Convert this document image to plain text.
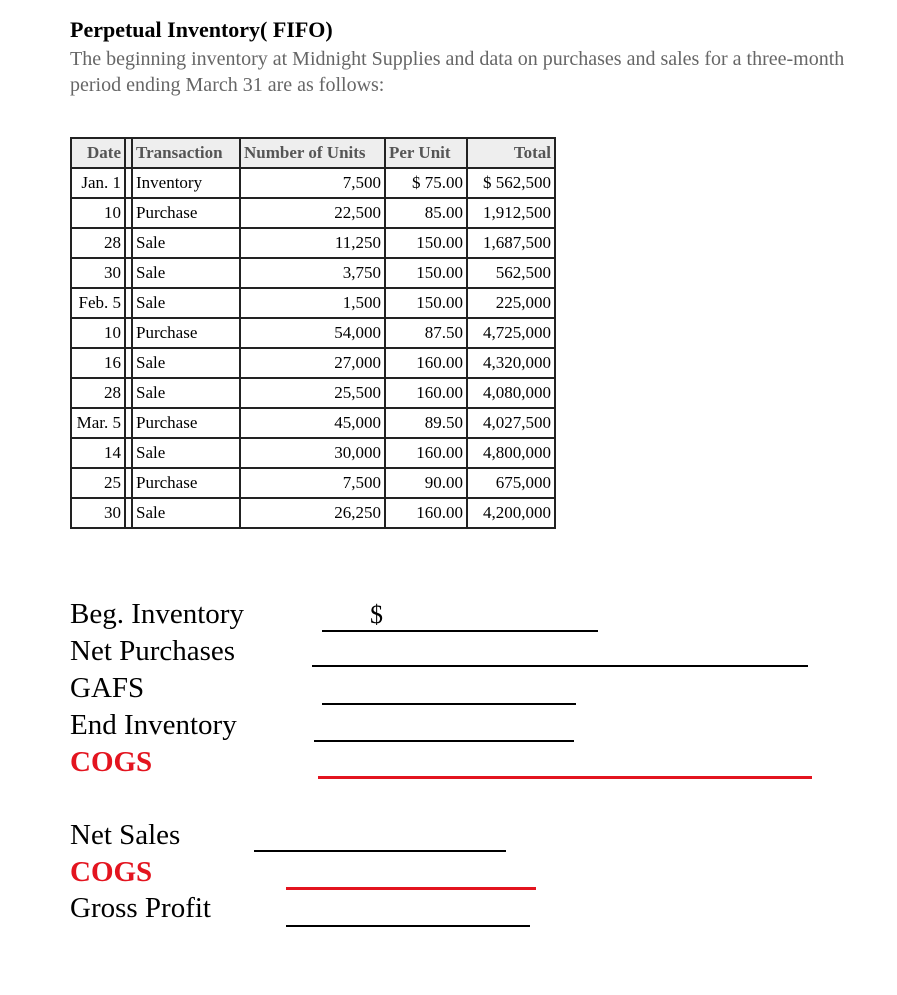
Perpetual Inventory( FIFO)
The beginning inventory at Midnight Supplies and data on purchases and sales for a three-month period ending March 31 are as follows:
Date		Transaction	Number of Units	Per Unit	Total
Jan. 1		Inventory	7,500	$ 75.00	$ 562,500
10		Purchase	22,500	85.00	1,912,500
28		Sale	11,250	150.00	1,687,500
30		Sale	3,750	150.00	562,500
Feb. 5		Sale	1,500	150.00	225,000
10		Purchase	54,000	87.50	4,725,000
16		Sale	27,000	160.00	4,320,000
28		Sale	25,500	160.00	4,080,000
Mar. 5		Purchase	45,000	89.50	4,027,500
14		Sale	30,000	160.00	4,800,000
25		Purchase	7,500	90.00	675,000
30		Sale	26,250	160.00	4,200,000
Beg. Inventory	$
Net Purchases
GAFS
End Inventory
COGS
Net Sales
COGS
Gross Profit
